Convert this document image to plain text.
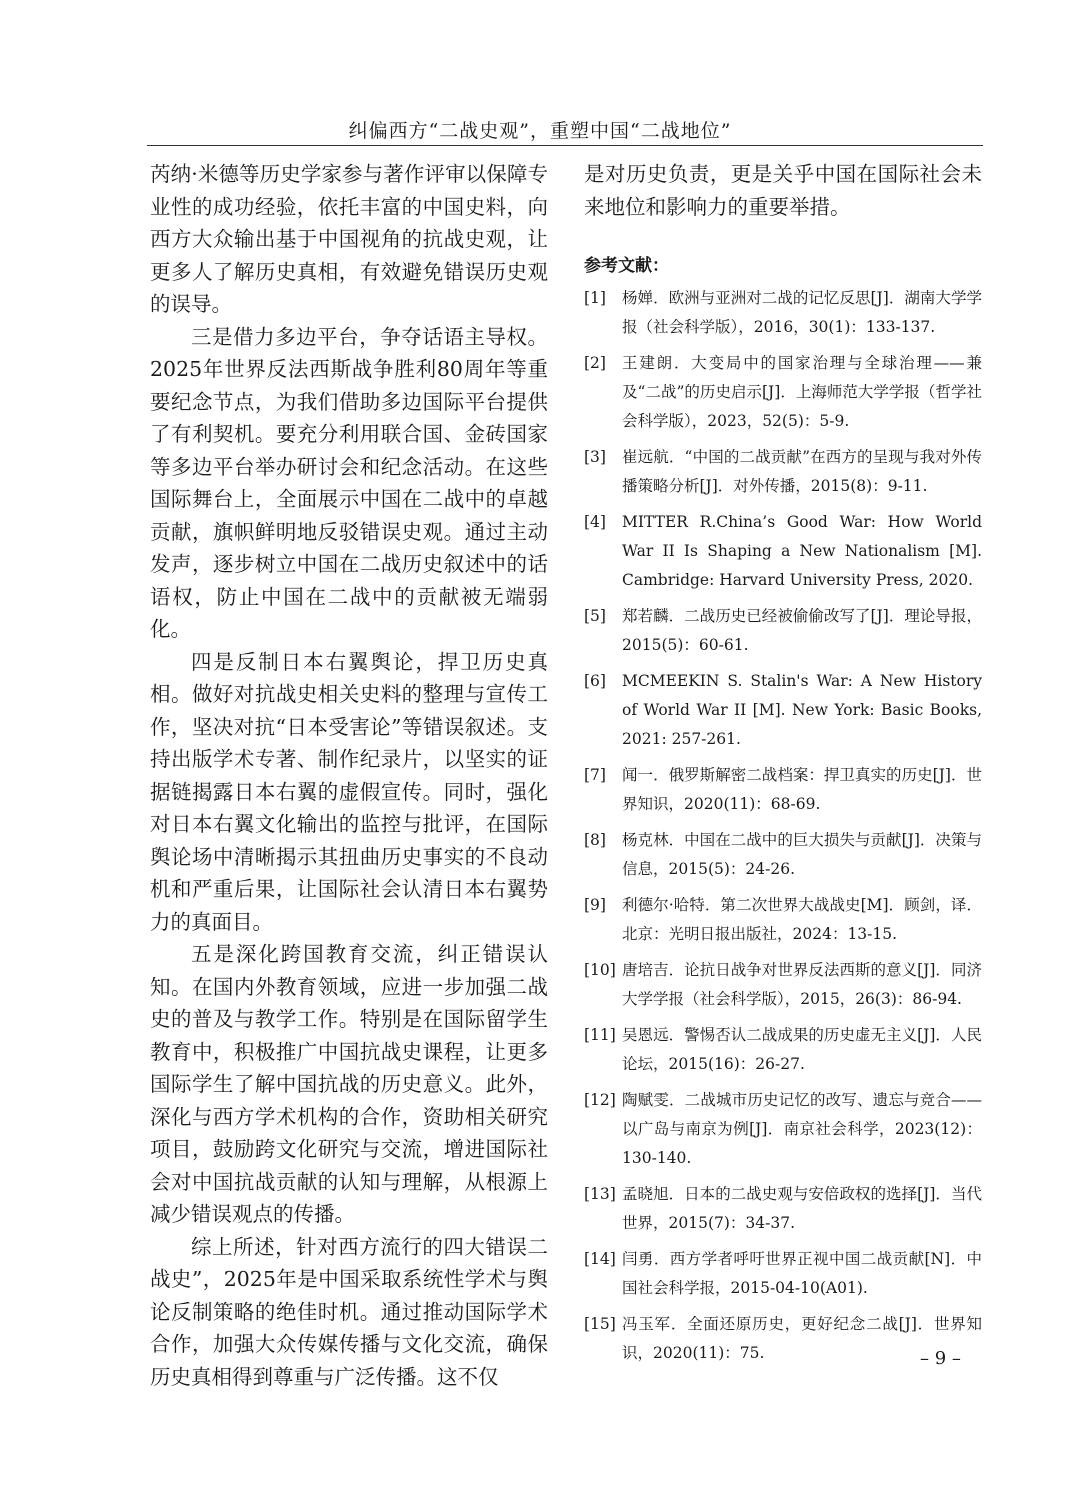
纠偏西方“二战史观”，重塑中国“二战地位”

芮纳·米德等历史学家参与著作评审以保障专业性的成功经验，依托丰富的中国史料，向西方大众输出基于中国视角的抗战史观，让更多人了解历史真相，有效避免错误历史观的误导。

三是借力多边平台，争夺话语主导权。2025年世界反法西斯战争胜利80周年等重要纪念节点，为我们借助多边国际平台提供了有利契机。要充分利用联合国、金砖国家等多边平台举办研讨会和纪念活动。在这些国际舞台上，全面展示中国在二战中的卓越贡献，旗帜鲜明地反驳错误史观。通过主动发声，逐步树立中国在二战历史叙述中的话语权，防止中国在二战中的贡献被无端弱化。

四是反制日本右翼舆论，捍卫历史真相。做好对抗战史相关史料的整理与宣传工作，坚决对抗“日本受害论”等错误叙述。支持出版学术专著、制作纪录片，以坚实的证据链揭露日本右翼的虚假宣传。同时，强化对日本右翼文化输出的监控与批评，在国际舆论场中清晰揭示其扭曲历史事实的不良动机和严重后果，让国际社会认清日本右翼势力的真面目。

五是深化跨国教育交流，纠正错误认知。在国内外教育领域，应进一步加强二战史的普及与教学工作。特别是在国际留学生教育中，积极推广中国抗战史课程，让更多国际学生了解中国抗战的历史意义。此外，深化与西方学术机构的合作，资助相关研究项目，鼓励跨文化研究与交流，增进国际社会对中国抗战贡献的认知与理解，从根源上减少错误观点的传播。

综上所述，针对西方流行的四大错误二战史”，2025年是中国采取系统性学术与舆论反制策略的绝佳时机。通过推动国际学术合作，加强大众传媒传播与文化交流，确保历史真相得到尊重与广泛传播。这不仅

是对历史负责，更是关乎中国在国际社会未来地位和影响力的重要举措。

参考文献：
[1] 杨婵．欧洲与亚洲对二战的记忆反思[J]．湖南大学学报（社会科学版），2016，30(1)：133-137.
[2] 王建朗．大变局中的国家治理与全球治理——兼及“二战”的历史启示[J]．上海师范大学学报（哲学社会科学版），2023，52(5)：5-9.
[3] 崔远航．“中国的二战贡献”在西方的呈现与我对外传播策略分析[J]．对外传播，2015(8)：9-11.
[4] MITTER R.China’s Good War: How World War II Is Shaping a New Nationalism [M]. Cambridge: Harvard University Press, 2020.
[5] 郑若麟．二战历史已经被偷偷改写了[J]．理论导报，2015(5)：60-61.
[6] MCMEEKIN S. Stalin's War: A New History of World War II [M]. New York: Basic Books, 2021: 257-261.
[7] 闻一．俄罗斯解密二战档案：捍卫真实的历史[J]．世界知识，2020(11)：68-69.
[8] 杨克林．中国在二战中的巨大损失与贡献[J]．决策与信息，2015(5)：24-26.
[9] 利德尔·哈特．第二次世界大战战史[M]．顾剑，译．北京：光明日报出版社，2024：13-15.
[10] 唐培吉．论抗日战争对世界反法西斯的意义[J]．同济大学学报（社会科学版），2015，26(3)：86-94.
[11] 吴恩远．警惕否认二战成果的历史虚无主义[J]．人民论坛，2015(16)：26-27.
[12] 陶赋雯．二战城市历史记忆的改写、遗忘与竞合——以广岛与南京为例[J]．南京社会科学，2023(12)：130-140.
[13] 孟晓旭．日本的二战史观与安倍政权的选择[J]．当代世界，2015(7)：34-37.
[14] 闫勇．西方学者呼吁世界正视中国二战贡献[N]．中国社会科学报，2015-04-10(A01).
[15] 冯玉军．全面还原历史，更好纪念二战[J]．世界知识，2020(11)：75.	– 9 –
